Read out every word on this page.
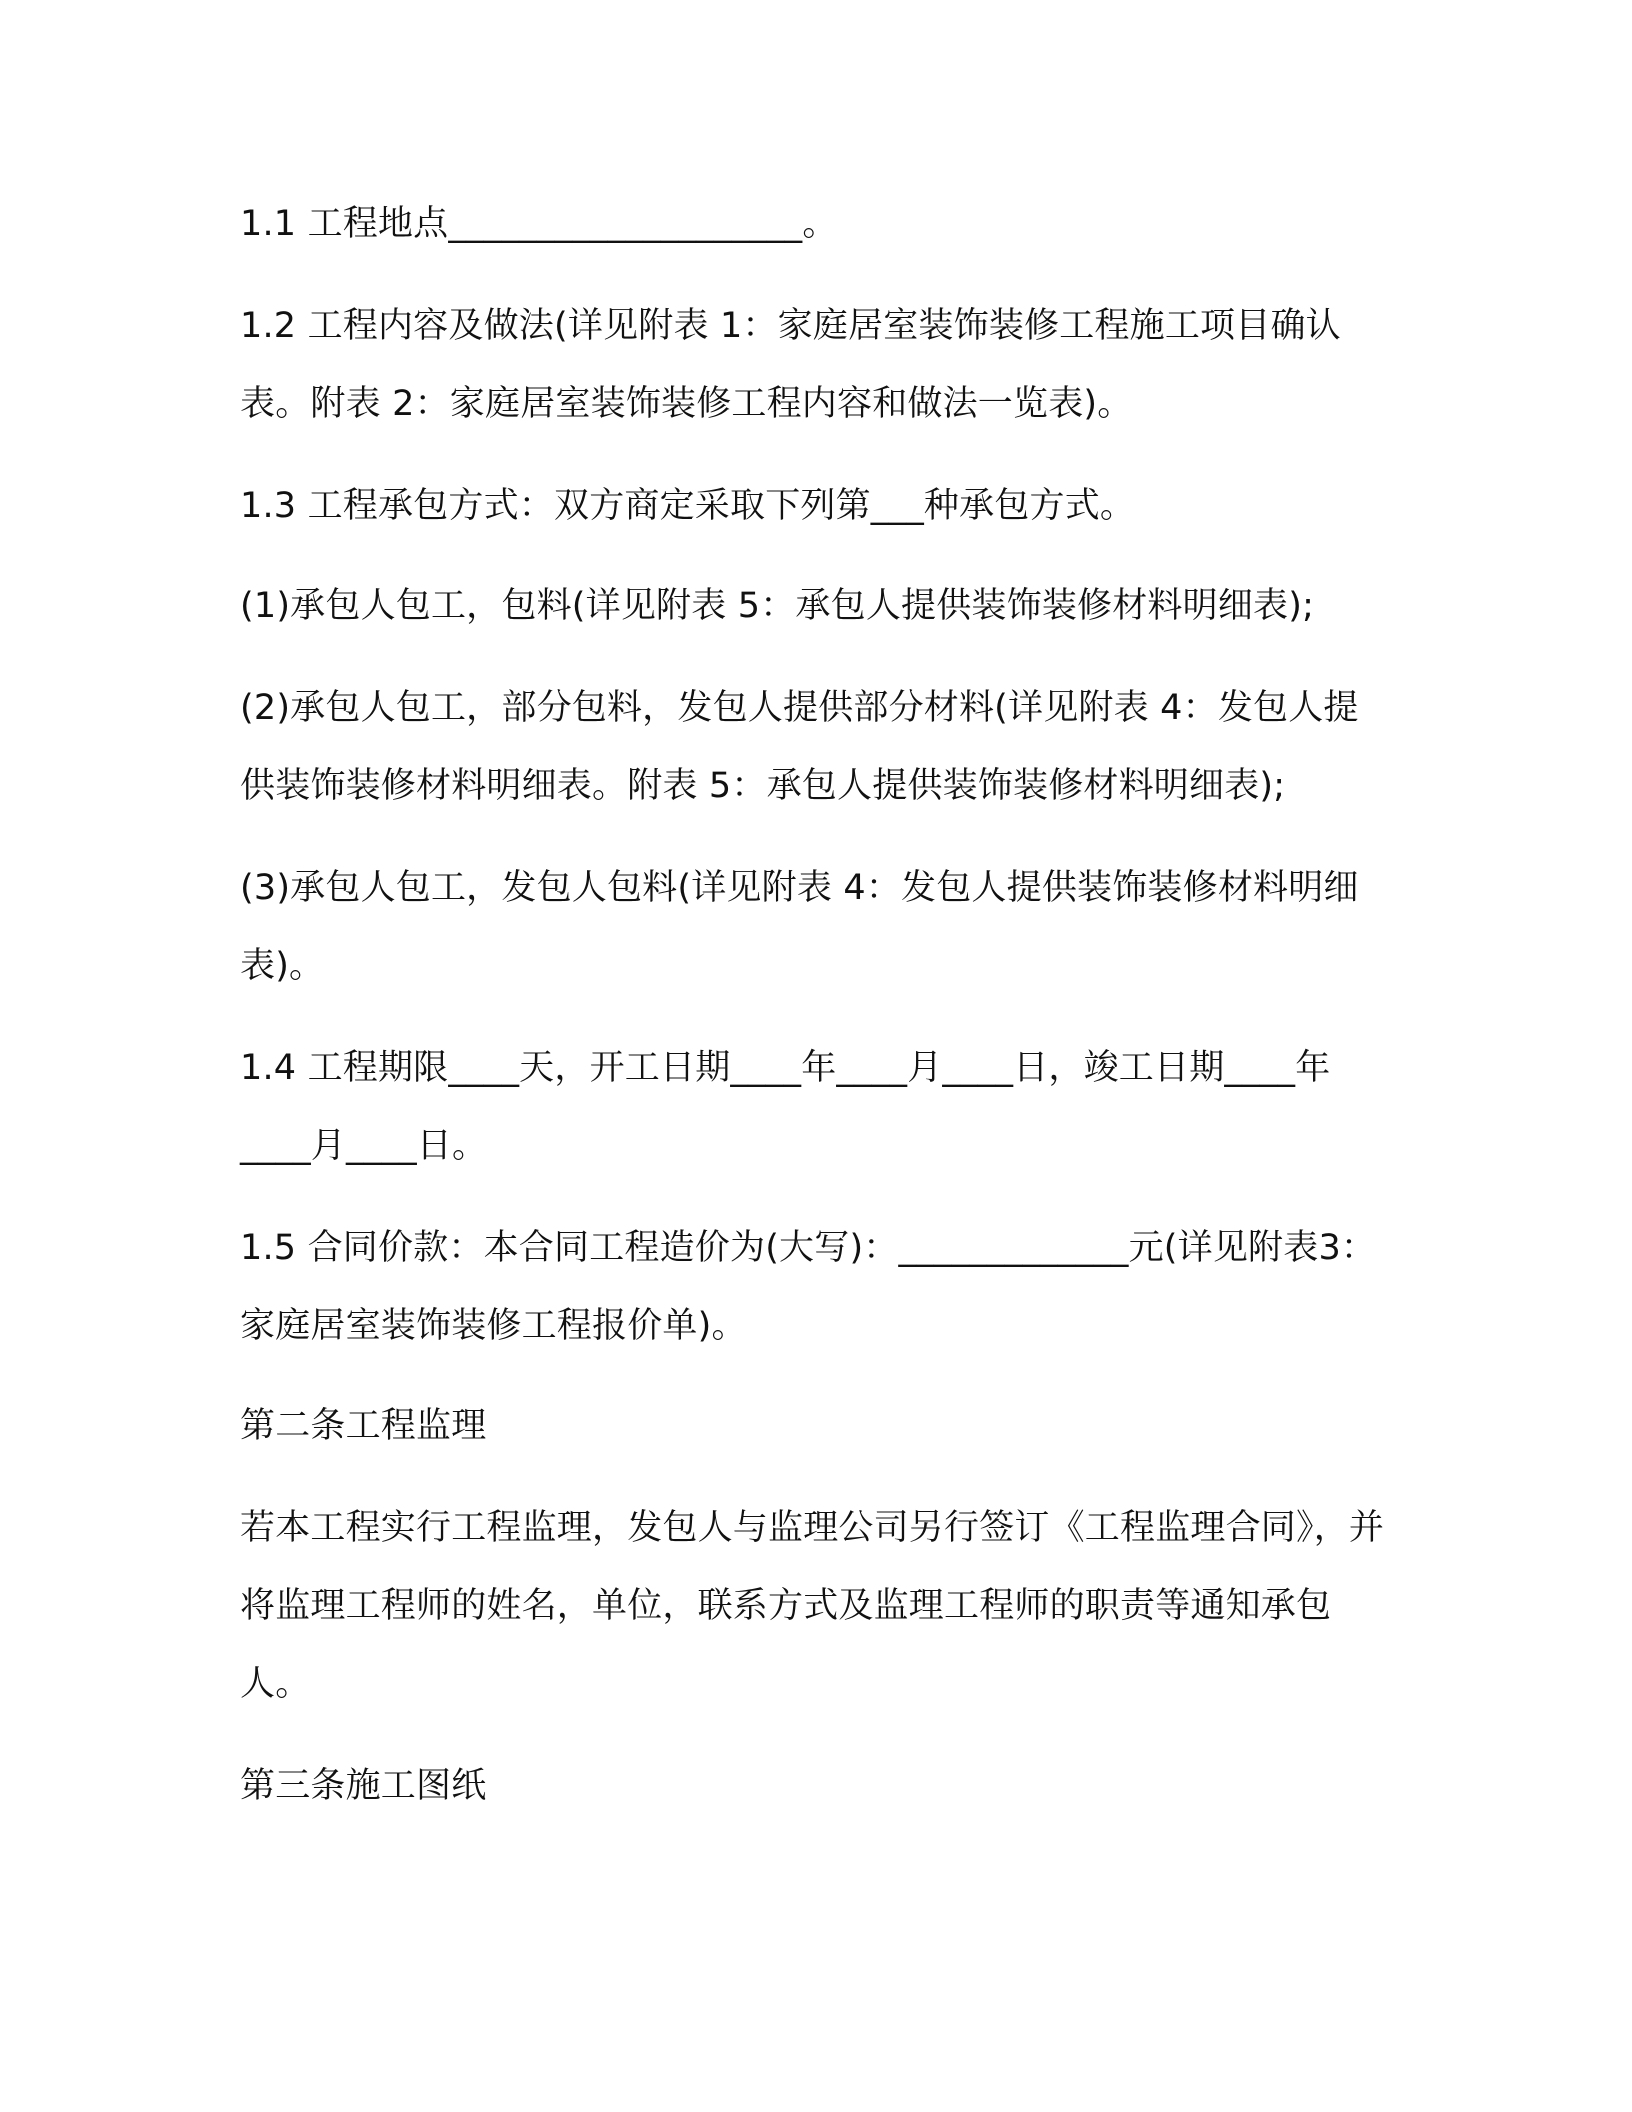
1.1 工程地点____________________。

1.2 工程内容及做法(详见附表 1：家庭居室装饰装修工程施工项目确认表。附表 2：家庭居室装饰装修工程内容和做法一览表)。

1.3 工程承包方式：双方商定采取下列第___种承包方式。

(1)承包人包工，包料(详见附表 5：承包人提供装饰装修材料明细表);

(2)承包人包工，部分包料，发包人提供部分材料(详见附表 4：发包人提供装饰装修材料明细表。附表 5：承包人提供装饰装修材料明细表);

(3)承包人包工，发包人包料(详见附表 4：发包人提供装饰装修材料明细表)。

1.4 工程期限____天，开工日期____年____月____日，竣工日期____年____月____日。

1.5 合同价款：本合同工程造价为(大写)：_____________元(详见附表3：家庭居室装饰装修工程报价单)。

第二条工程监理

若本工程实行工程监理，发包人与监理公司另行签订《工程监理合同》，并将监理工程师的姓名，单位，联系方式及监理工程师的职责等通知承包人。

第三条施工图纸
